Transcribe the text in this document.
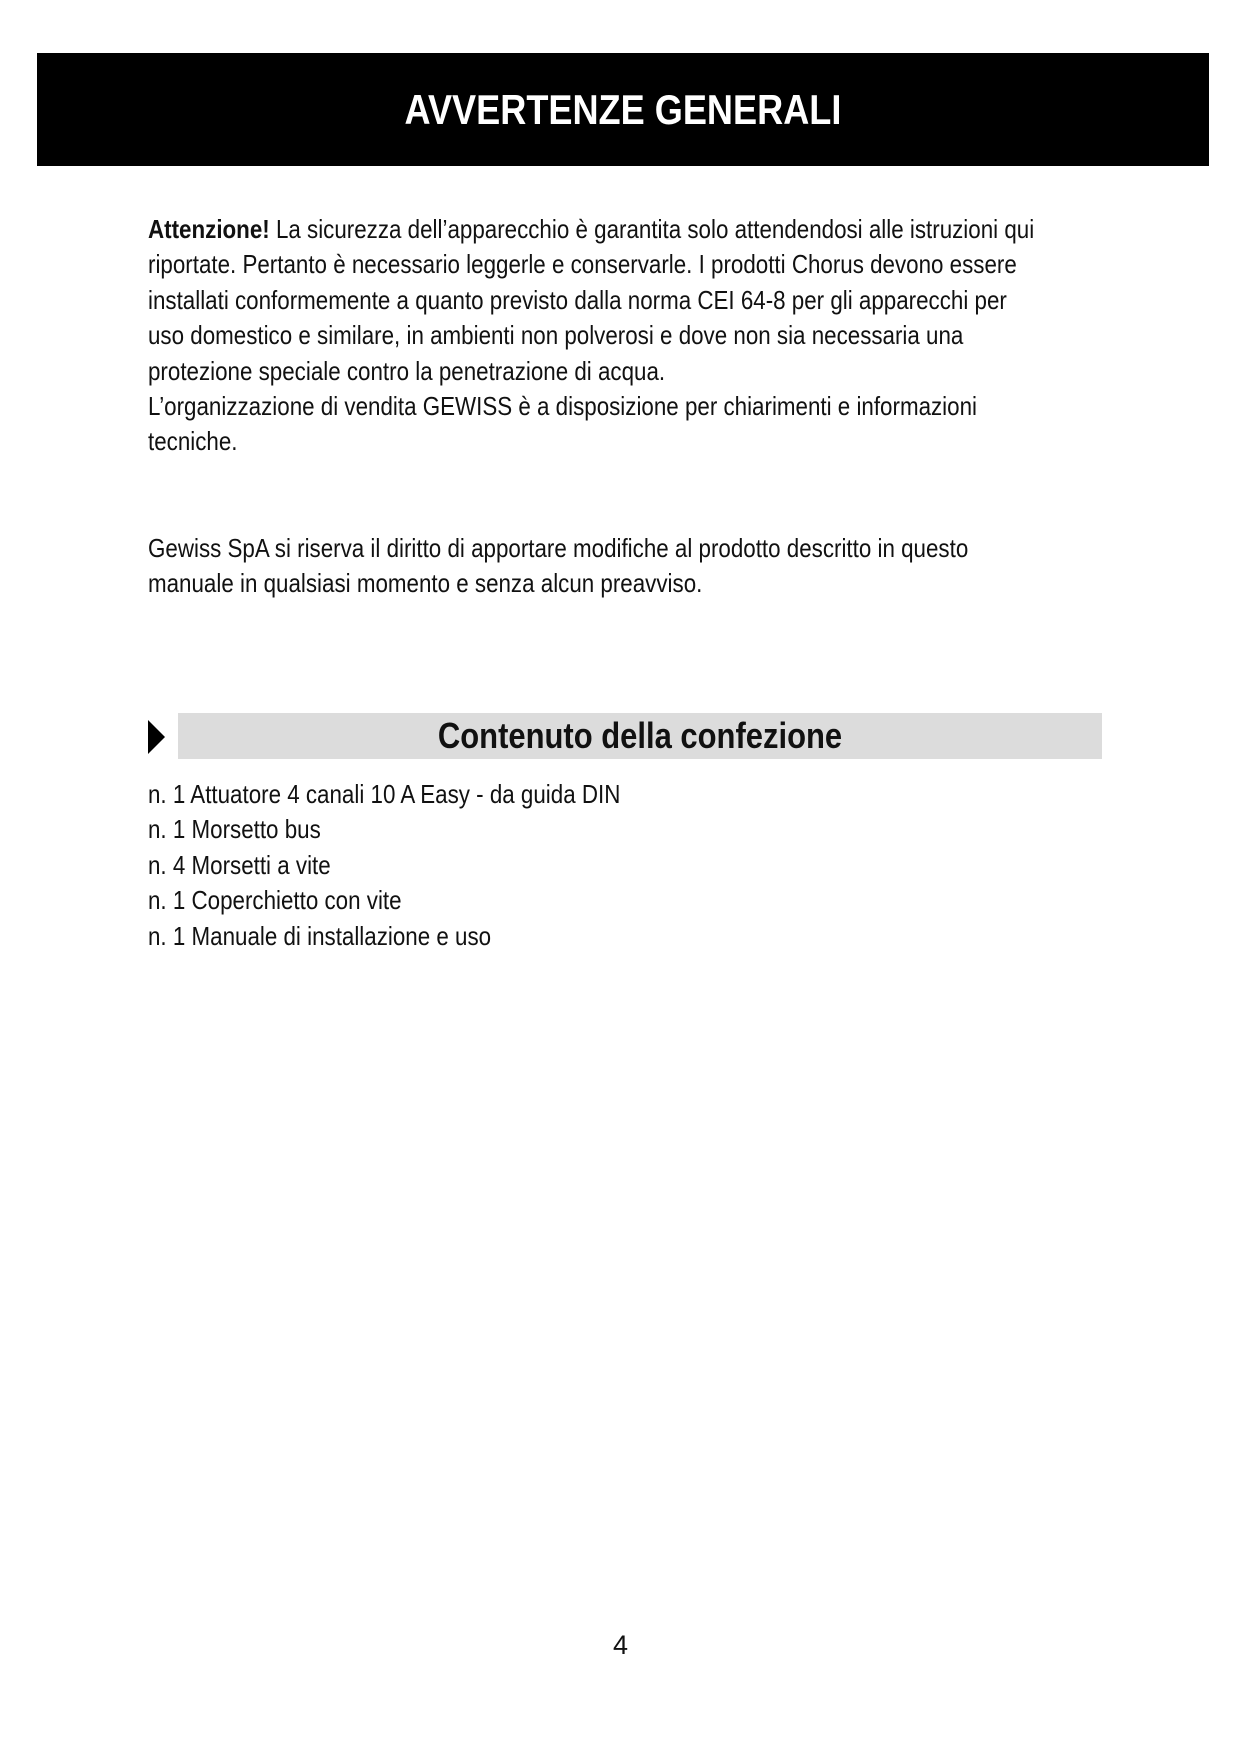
AVVERTENZE GENERALI
Attenzione! La sicurezza dell’apparecchio è garantita solo attendendosi alle istruzioni qui
riportate. Pertanto è necessario leggerle e conservarle. I prodotti Chorus devono essere
installati conformemente a quanto previsto dalla norma CEI 64-8 per gli apparecchi per
uso domestico e similare, in ambienti non polverosi e dove non sia necessaria una
protezione speciale contro la penetrazione di acqua.
L’organizzazione di vendita GEWISS è a disposizione per chiarimenti e informazioni
tecniche.
Gewiss SpA si riserva il diritto di apportare modifiche al prodotto descritto in questo
manuale in qualsiasi momento e senza alcun preavviso.
Contenuto della confezione
n. 1 Attuatore 4 canali 10 A Easy - da guida DIN
n. 1 Morsetto bus
n. 4 Morsetti a vite
n. 1 Coperchietto con vite
n. 1 Manuale di installazione e uso
4
